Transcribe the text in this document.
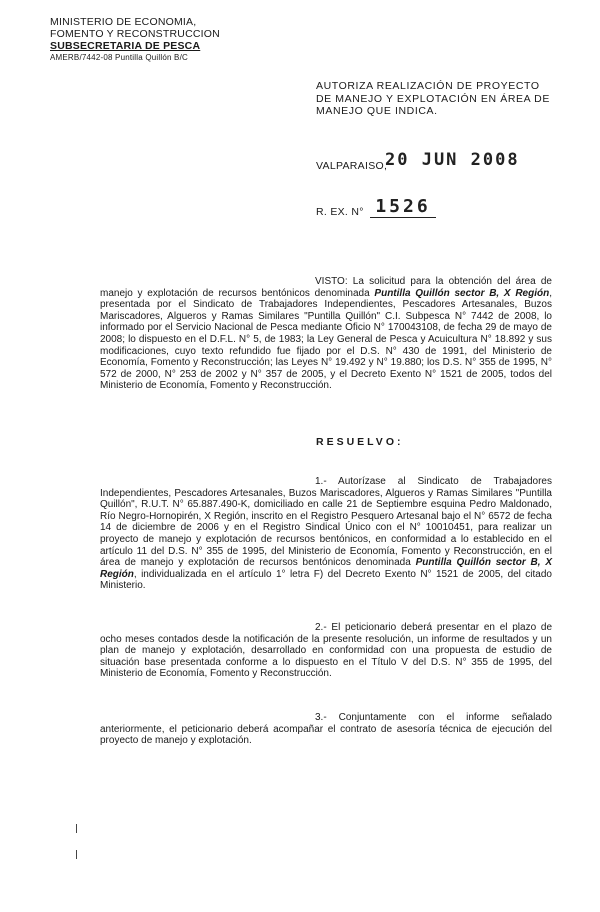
MINISTERIO DE ECONOMIA,
FOMENTO Y RECONSTRUCCION
SUBSECRETARIA DE PESCA
AMERB/7442-08 Puntilla Quillón B/C
AUTORIZA REALIZACIÓN DE PROYECTO DE MANEJO Y EXPLOTACIÓN EN ÁREA DE MANEJO QUE INDICA.
VALPARAISO,
20 JUN 2008
R. EX. N° 1526
VISTO: La solicitud para la obtención del área de manejo y explotación de recursos bentónicos denominada Puntilla Quillón sector B, X Región, presentada por el Sindicato de Trabajadores Independientes, Pescadores Artesanales, Buzos Mariscadores, Algueros y Ramas Similares "Puntilla Quillón" C.I. Subpesca N° 7442 de 2008, lo informado por el Servicio Nacional de Pesca mediante Oficio N° 170043108, de fecha 29 de mayo de 2008; lo dispuesto en el D.F.L. N° 5, de 1983; la Ley General de Pesca y Acuicultura N° 18.892 y sus modificaciones, cuyo texto refundido fue fijado por el D.S. N° 430 de 1991, del Ministerio de Economía, Fomento y Reconstrucción; las Leyes N° 19.492 y N° 19.880; los D.S. N° 355 de 1995, N° 572 de 2000, N° 253 de 2002 y N° 357 de 2005, y el Decreto Exento N° 1521 de 2005, todos del Ministerio de Economía, Fomento y Reconstrucción.
RESUELVO:
1.- Autorízase al Sindicato de Trabajadores Independientes, Pescadores Artesanales, Buzos Mariscadores, Algueros y Ramas Similares "Puntilla Quillón", R.U.T. N° 65.887.490-K, domiciliado en calle 21 de Septiembre esquina Pedro Maldonado, Río Negro-Hornopirén, X Región, inscrito en el Registro Pesquero Artesanal bajo el N° 6572 de fecha 14 de diciembre de 2006 y en el Registro Sindical Único con el N° 10010451, para realizar un proyecto de manejo y explotación de recursos bentónicos, en conformidad a lo establecido en el artículo 11 del D.S. N° 355 de 1995, del Ministerio de Economía, Fomento y Reconstrucción, en el área de manejo y explotación de recursos bentónicos denominada Puntilla Quillón sector B, X Región, individualizada en el artículo 1° letra F) del Decreto Exento N° 1521 de 2005, del citado Ministerio.
2.- El peticionario deberá presentar en el plazo de ocho meses contados desde la notificación de la presente resolución, un informe de resultados y un plan de manejo y explotación, desarrollado en conformidad con una propuesta de estudio de situación base presentada conforme a lo dispuesto en el Título V del D.S. N° 355 de 1995, del Ministerio de Economía, Fomento y Reconstrucción.
3.- Conjuntamente con el informe señalado anteriormente, el peticionario deberá acompañar el contrato de asesoría técnica de ejecución del proyecto de manejo y explotación.
